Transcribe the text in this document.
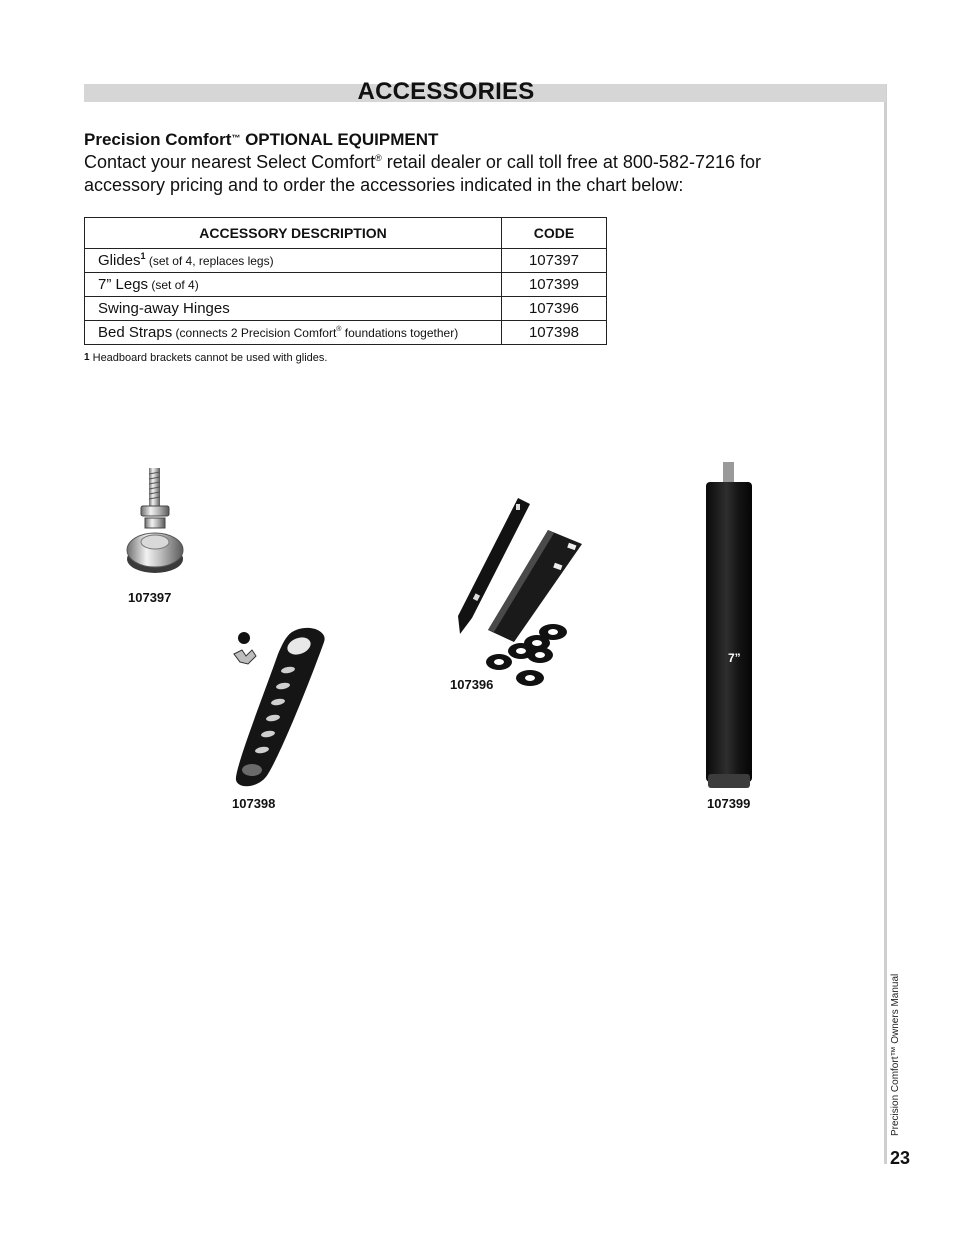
ACCESSORIES
Precision Comfort™ OPTIONAL EQUIPMENT
Contact your nearest Select Comfort® retail dealer or call toll free at 800-582-7216 for accessory pricing and to order the accessories indicated in the chart below:
ACCESSORY DESCRIPTION	CODE
Glides$^1$ (set of 4, replaces legs)	107397
7” Legs (set of 4)	107399
Swing-away Hinges	107396
Bed Straps (connects 2 Precision Comfort® foundations together)	107398
1 Headboard brackets cannot be used with glides.
107397
107398
107396
7”
107399
Precision Comfort™ Owners Manual
23
